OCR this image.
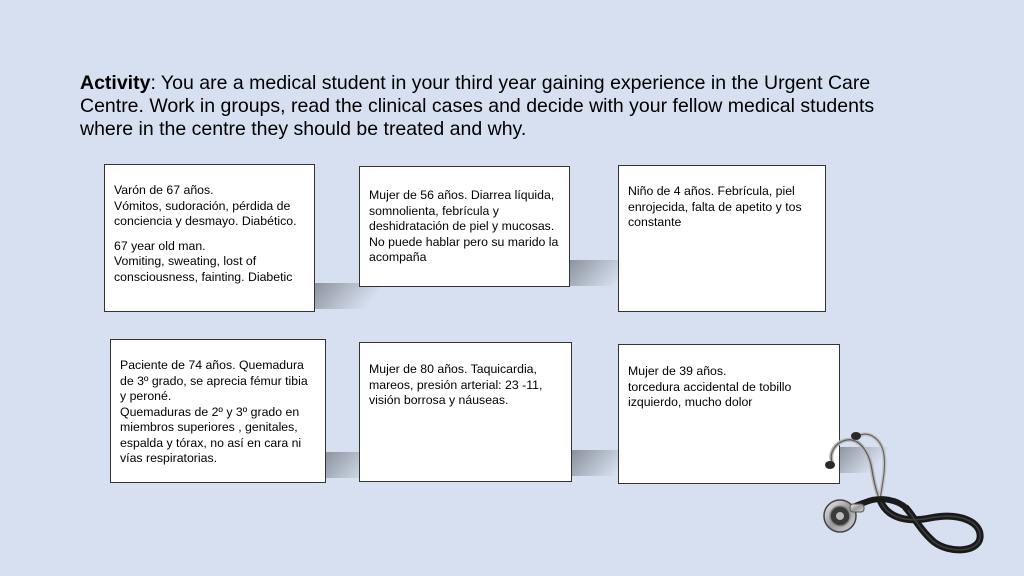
Activity: You are a medical student in your third year gaining experience in the Urgent Care Centre. Work in groups, read the clinical cases and decide with your fellow medical students where in the centre they should be treated and why.

Varón de 67 años.

Vómitos, sudoración, pérdida de conciencia y desmayo. Diabético.

67 year old man.

Vomiting, sweating, lost of consciousness, fainting. Diabetic

Mujer de 56 años. Diarrea líquida, somnolienta, febrícula y deshidratación de piel y mucosas. No puede hablar pero su marido la acompaña

Niño de 4 años. Febrícula, piel enrojecida, falta de apetito y tos constante

Paciente de 74 años. Quemadura de 3º grado, se aprecia fémur tibia y peroné.

Quemaduras de 2º y 3º grado en miembros superiores , genitales, espalda y tórax, no así en cara ni vías respiratorias.

Mujer de 80 años. Taquicardia, mareos, presión arterial: 23 -11, visión borrosa y náuseas.

Mujer de 39 años.

torcedura accidental de tobillo izquierdo, mucho dolor
